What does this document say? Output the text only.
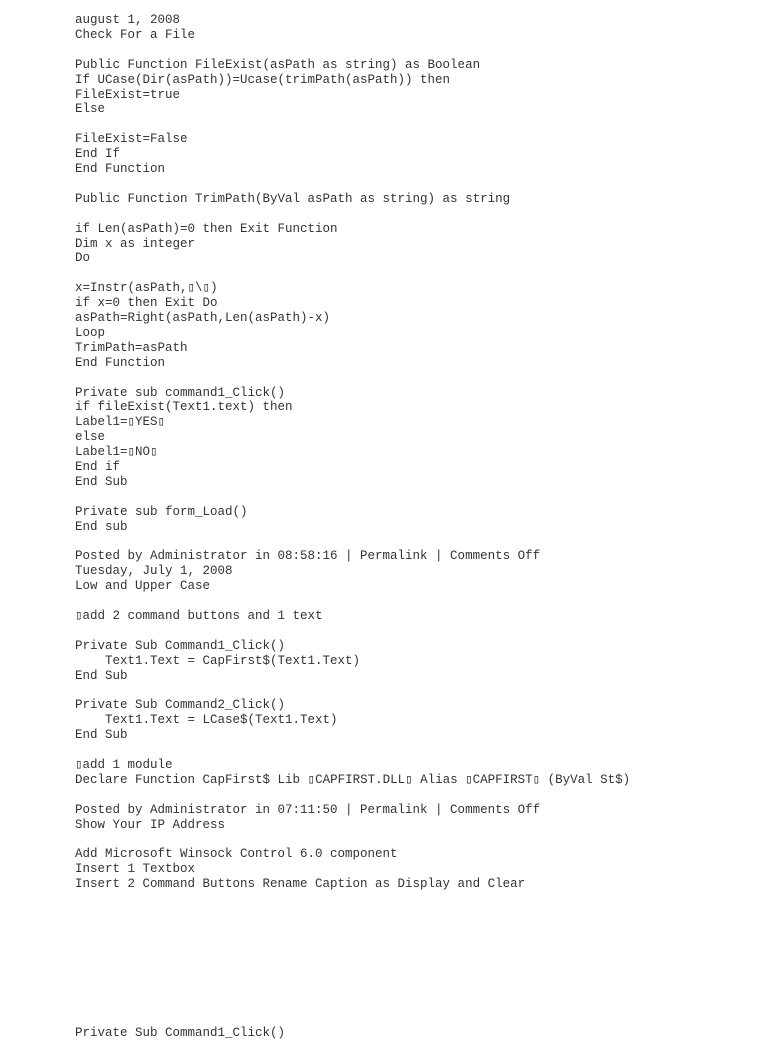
august 1, 2008
Check For a File
Public Function FileExist(asPath as string) as Boolean
If UCase(Dir(asPath))=Ucase(trimPath(asPath)) then
FileExist=true
Else
FileExist=False
End If
End Function
Public Function TrimPath(ByVal asPath as string) as string
if Len(asPath)=0 then Exit Function
Dim x as integer
Do
x=Instr(asPath,▯\▯)
if x=0 then Exit Do
asPath=Right(asPath,Len(asPath)-x)
Loop
TrimPath=asPath
End Function
Private sub command1_Click()
if fileExist(Text1.text) then
Label1=▯YES▯
else
Label1=▯NO▯
End if
End Sub
Private sub form_Load()
End sub
Posted by Administrator in 08:58:16 | Permalink | Comments Off
Tuesday, July 1, 2008
Low and Upper Case
▯add 2 command buttons and 1 text
Private Sub Command1_Click()
Text1.Text = CapFirst$(Text1.Text)
End Sub
Private Sub Command2_Click()
Text1.Text = LCase$(Text1.Text)
End Sub
▯add 1 module
Declare Function CapFirst$ Lib ▯CAPFIRST.DLL▯ Alias ▯CAPFIRST▯ (ByVal St$)
Posted by Administrator in 07:11:50 | Permalink | Comments Off
Show Your IP Address
Add Microsoft Winsock Control 6.0 component
Insert 1 Textbox
Insert 2 Command Buttons Rename Caption as Display and Clear
Private Sub Command1_Click()
